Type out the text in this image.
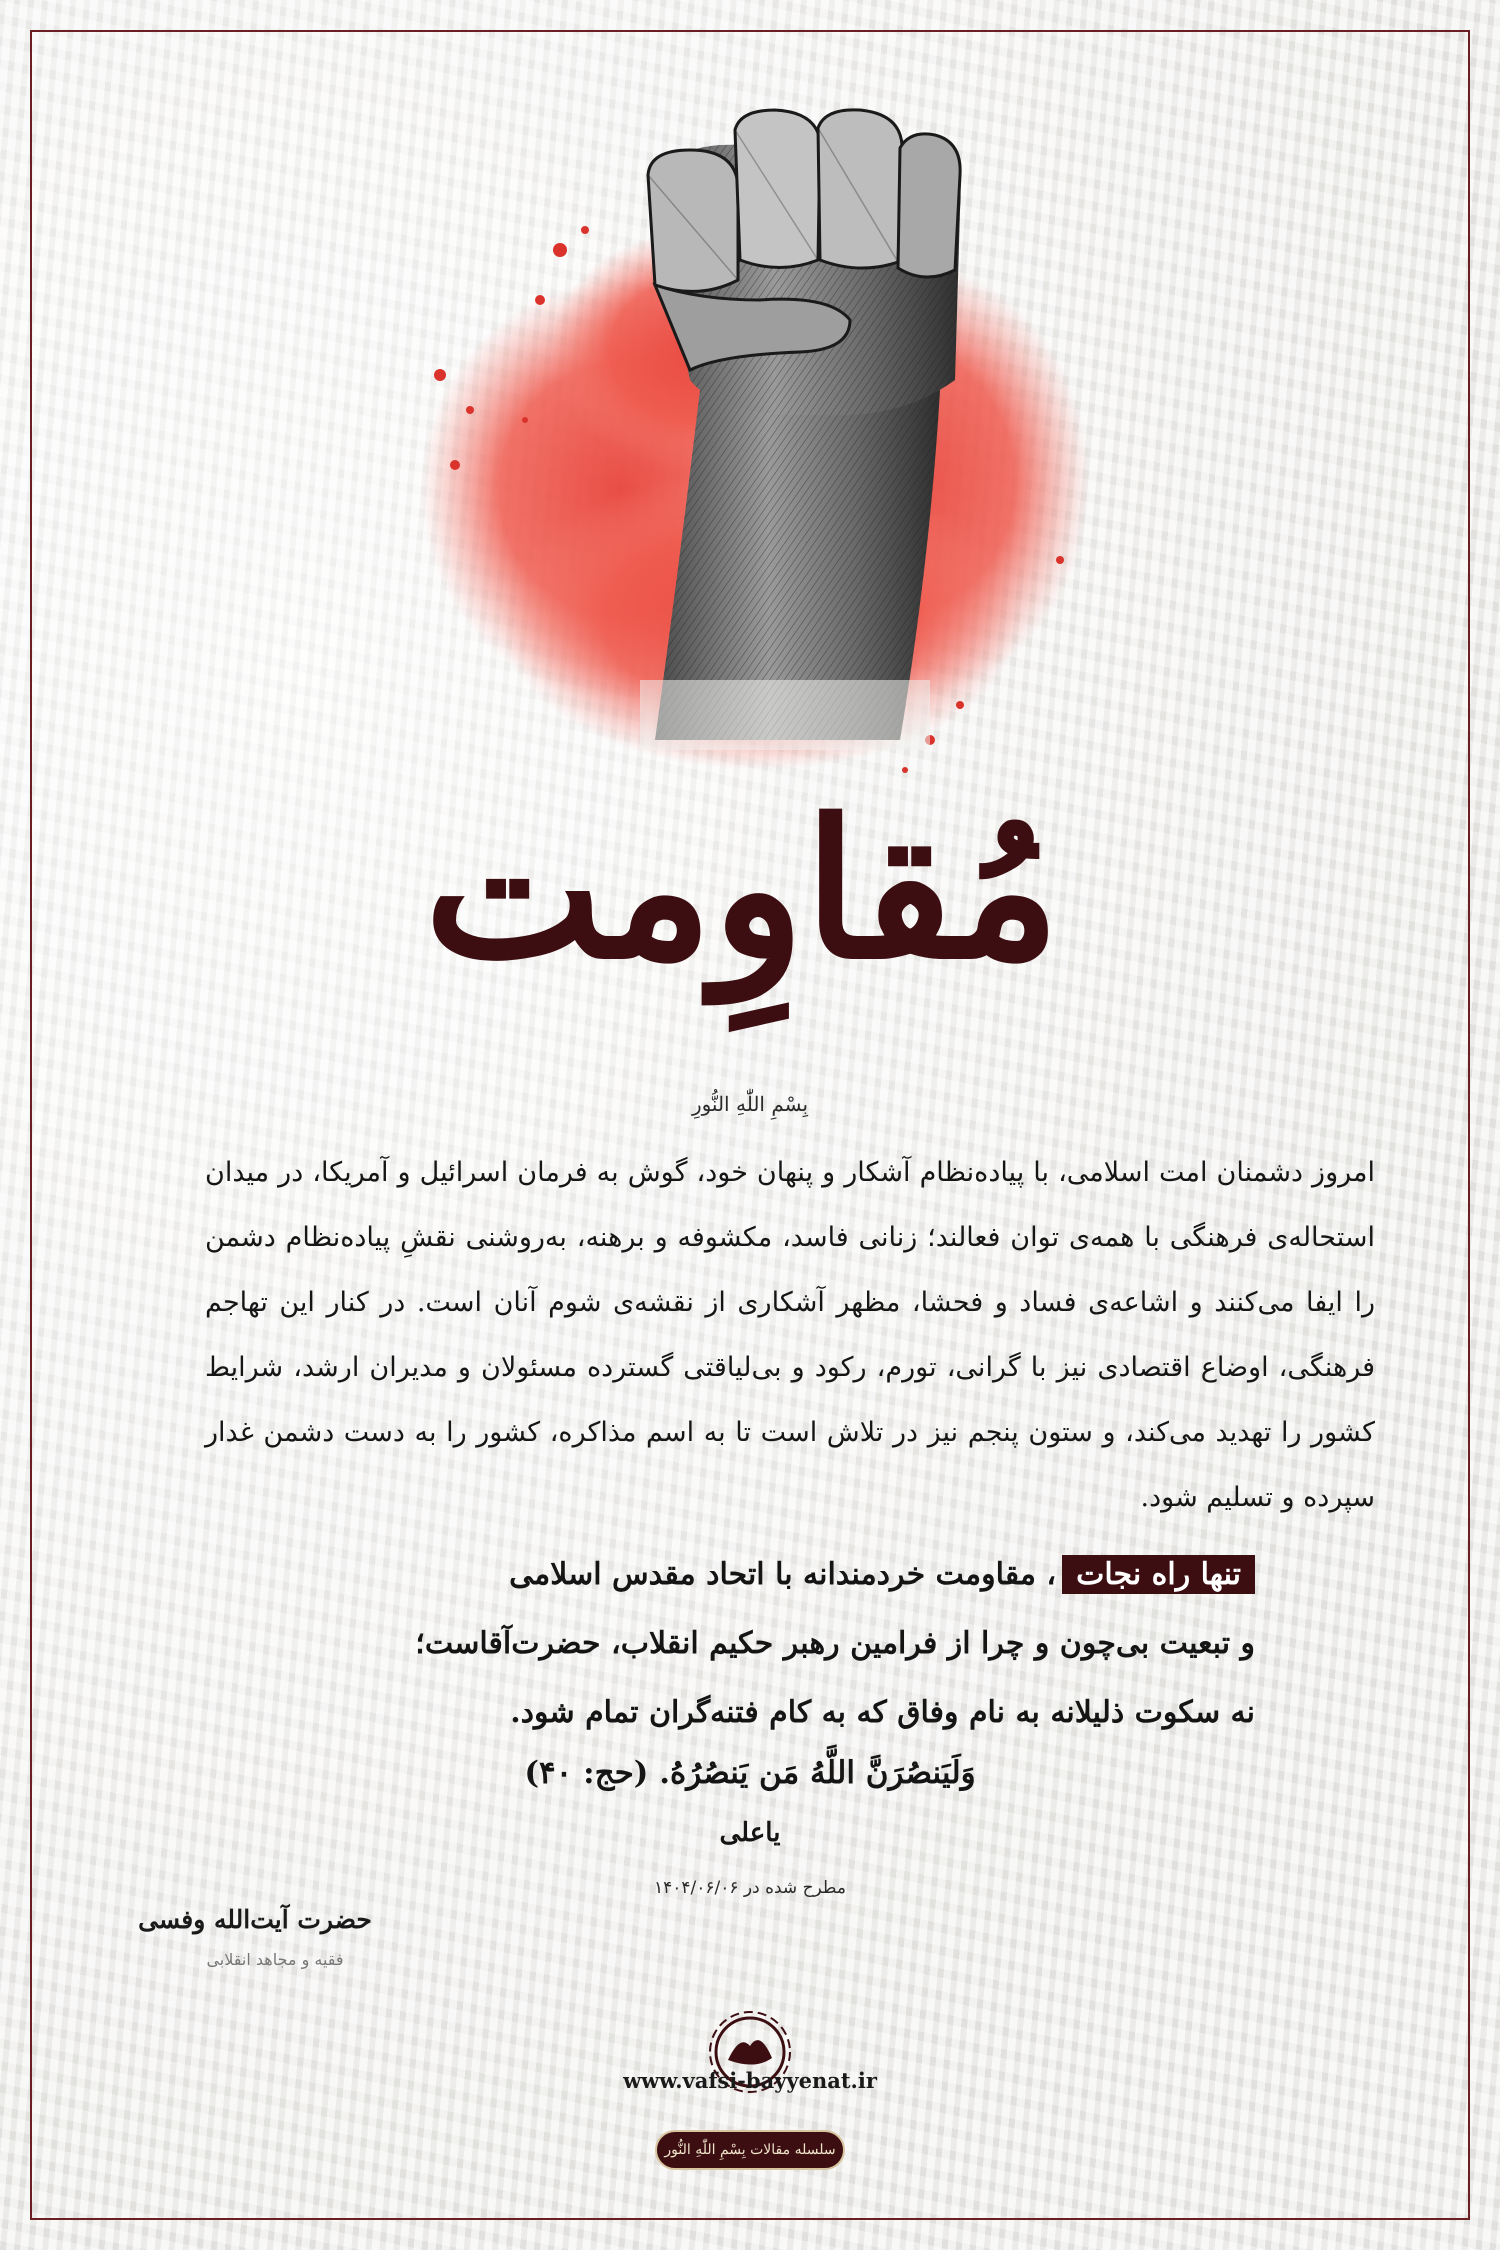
مُقاوِمت
بِسْمِ اللّٰهِ النُّورِ

امروز دشمنان امت اسلامی، با پیاده‌نظام آشکار و پنهان خود، گوش به فرمان اسرائیل و آمریکا، در میدان استحاله‌ی فرهنگی با همه‌ی توان فعالند؛ زنانی فاسد، مکشوفه و برهنه، به‌روشنی نقشِ پیاده‌نظام دشمن را ایفا می‌کنند و اشاعه‌ی فساد و فحشا، مظهر آشکاری از نقشه‌ی شوم آنان است. در کنار این تهاجم فرهنگی، اوضاع اقتصادی نیز با گرانی، تورم، رکود و بی‌لیاقتی گسترده مسئولان و مدیران ارشد، شرایط کشور را تهدید می‌کند، و ستون پنجم نیز در تلاش است تا به اسم مذاکره، کشور را به دست دشمن غدار سپرده و تسلیم شود.

تنها راه نجات، مقاومت خردمندانه با اتحاد مقدس اسلامی

و تبعیت بی‌چون و چرا از فرامین رهبر حکیم انقلاب، حضرت‌آقاست؛

نه سکوت ذلیلانه به نام وفاق که به کام فتنه‌گران تمام شود.

وَلَيَنصُرَنَّ اللَّهُ مَن يَنصُرُهُ. (حج: ۴۰)
یاعلی
مطرح شده در ۱۴۰۴/۰۶/۰۶
حضرت آیت‌الله وفسی
فقیه و مجاهد انقلابی
www.vafsi-bayyenat.ir
سلسله مقالات بِسْمِ اللّٰهِ النُّور
